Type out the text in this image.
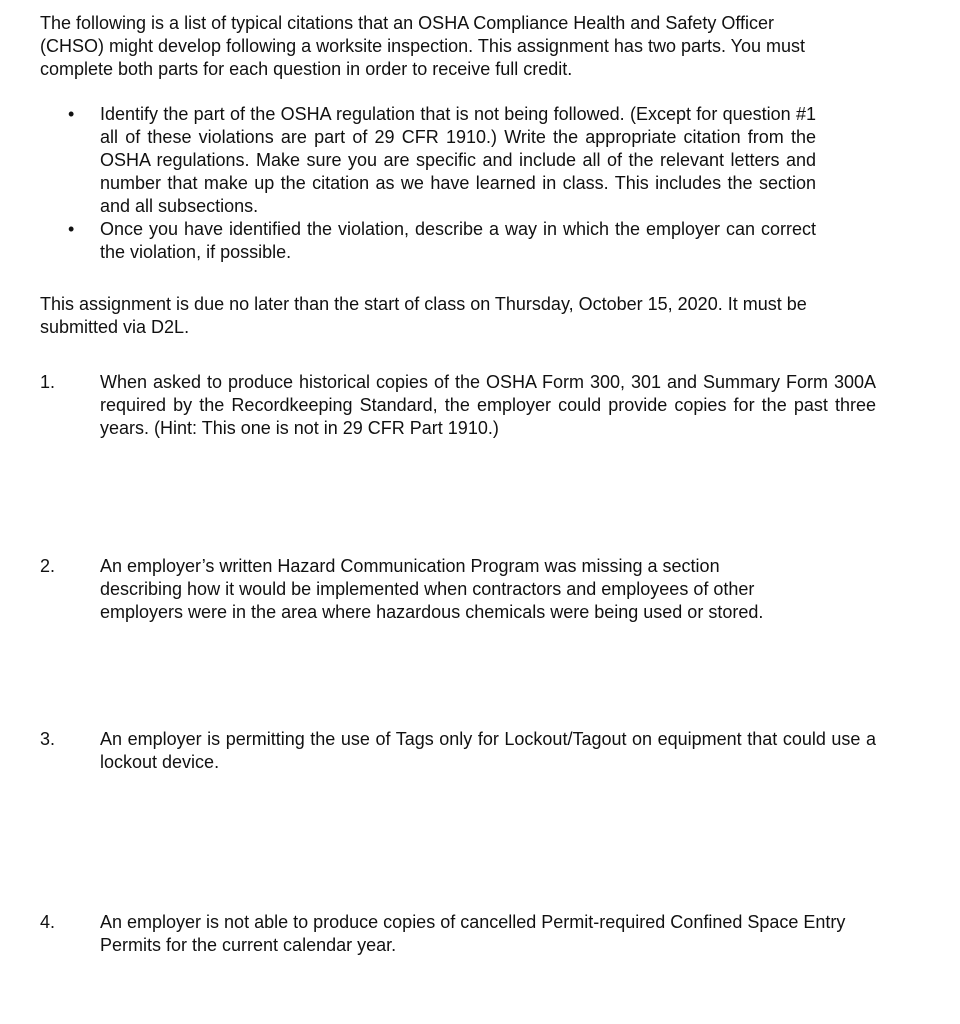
The following is a list of typical citations that an OSHA Compliance Health and Safety Officer (CHSO) might develop following a worksite inspection. This assignment has two parts. You must complete both parts for each question in order to receive full credit.

• Identify the part of the OSHA regulation that is not being followed. (Except for question #1 all of these violations are part of 29 CFR 1910.) Write the appropriate citation from the OSHA regulations. Make sure you are specific and include all of the relevant letters and number that make up the citation as we have learned in class. This includes the section and all subsections.
• Once you have identified the violation, describe a way in which the employer can correct the violation, if possible.

This assignment is due no later than the start of class on Thursday, October 15, 2020. It must be submitted via D2L.

1. When asked to produce historical copies of the OSHA Form 300, 301 and Summary Form 300A required by the Recordkeeping Standard, the employer could provide copies for the past three years. (Hint: This one is not in 29 CFR Part 1910.)
2. An employer’s written Hazard Communication Program was missing a section describing how it would be implemented when contractors and employees of other employers were in the area where hazardous chemicals were being used or stored.
3. An employer is permitting the use of Tags only for Lockout/Tagout on equipment that could use a lockout device.
4. An employer is not able to produce copies of cancelled Permit-required Confined Space Entry Permits for the current calendar year.
